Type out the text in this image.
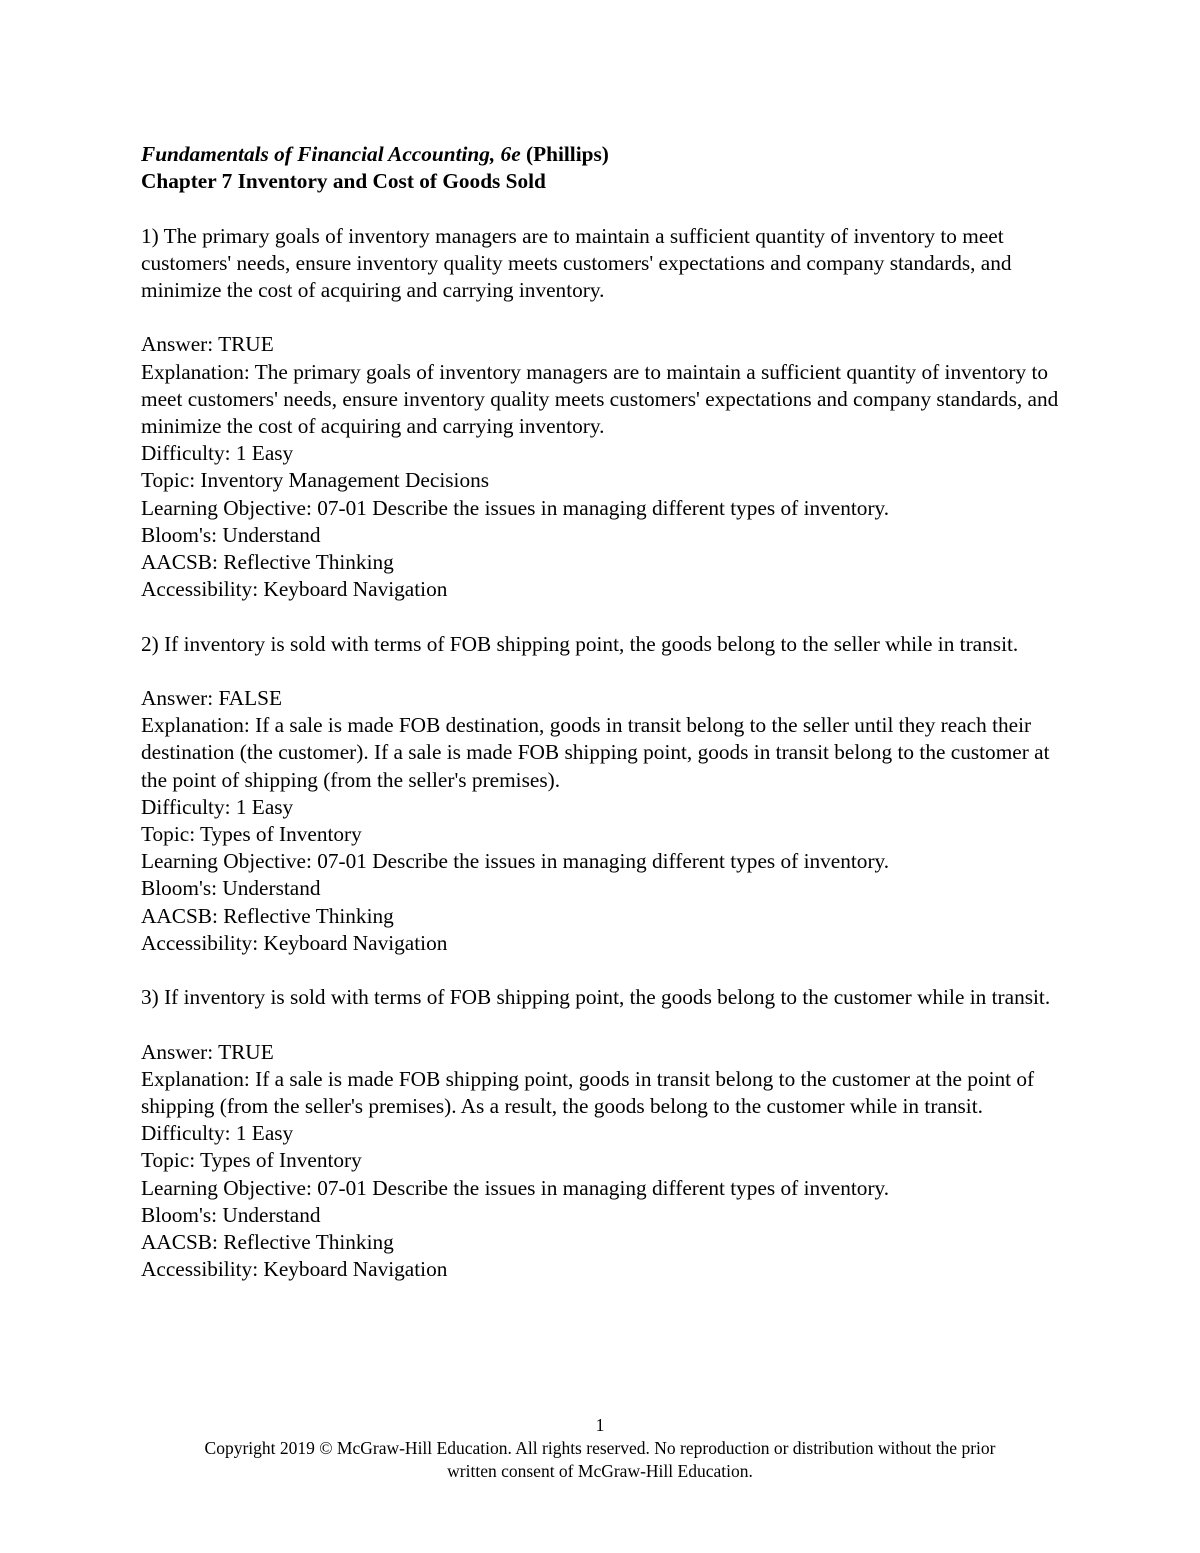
Fundamentals of Financial Accounting, 6e (Phillips)

Chapter 7 Inventory and Cost of Goods Sold

1) The primary goals of inventory managers are to maintain a sufficient quantity of inventory to meet customers' needs, ensure inventory quality meets customers' expectations and company standards, and minimize the cost of acquiring and carrying inventory.

Answer: TRUE

Explanation: The primary goals of inventory managers are to maintain a sufficient quantity of inventory to meet customers' needs, ensure inventory quality meets customers' expectations and company standards, and minimize the cost of acquiring and carrying inventory.

Difficulty: 1 Easy

Topic: Inventory Management Decisions

Learning Objective: 07-01 Describe the issues in managing different types of inventory.

Bloom's: Understand

AACSB: Reflective Thinking

Accessibility: Keyboard Navigation

2) If inventory is sold with terms of FOB shipping point, the goods belong to the seller while in transit.

Answer: FALSE

Explanation: If a sale is made FOB destination, goods in transit belong to the seller until they reach their destination (the customer). If a sale is made FOB shipping point, goods in transit belong to the customer at the point of shipping (from the seller's premises).

Difficulty: 1 Easy

Topic: Types of Inventory

Learning Objective: 07-01 Describe the issues in managing different types of inventory.

Bloom's: Understand

AACSB: Reflective Thinking

Accessibility: Keyboard Navigation

3) If inventory is sold with terms of FOB shipping point, the goods belong to the customer while in transit.

Answer: TRUE

Explanation: If a sale is made FOB shipping point, goods in transit belong to the customer at the point of shipping (from the seller's premises). As a result, the goods belong to the customer while in transit.

Difficulty: 1 Easy

Topic: Types of Inventory

Learning Objective: 07-01 Describe the issues in managing different types of inventory.

Bloom's: Understand

AACSB: Reflective Thinking

Accessibility: Keyboard Navigation

1

Copyright 2019 © McGraw-Hill Education. All rights reserved. No reproduction or distribution without the prior

written consent of McGraw-Hill Education.
